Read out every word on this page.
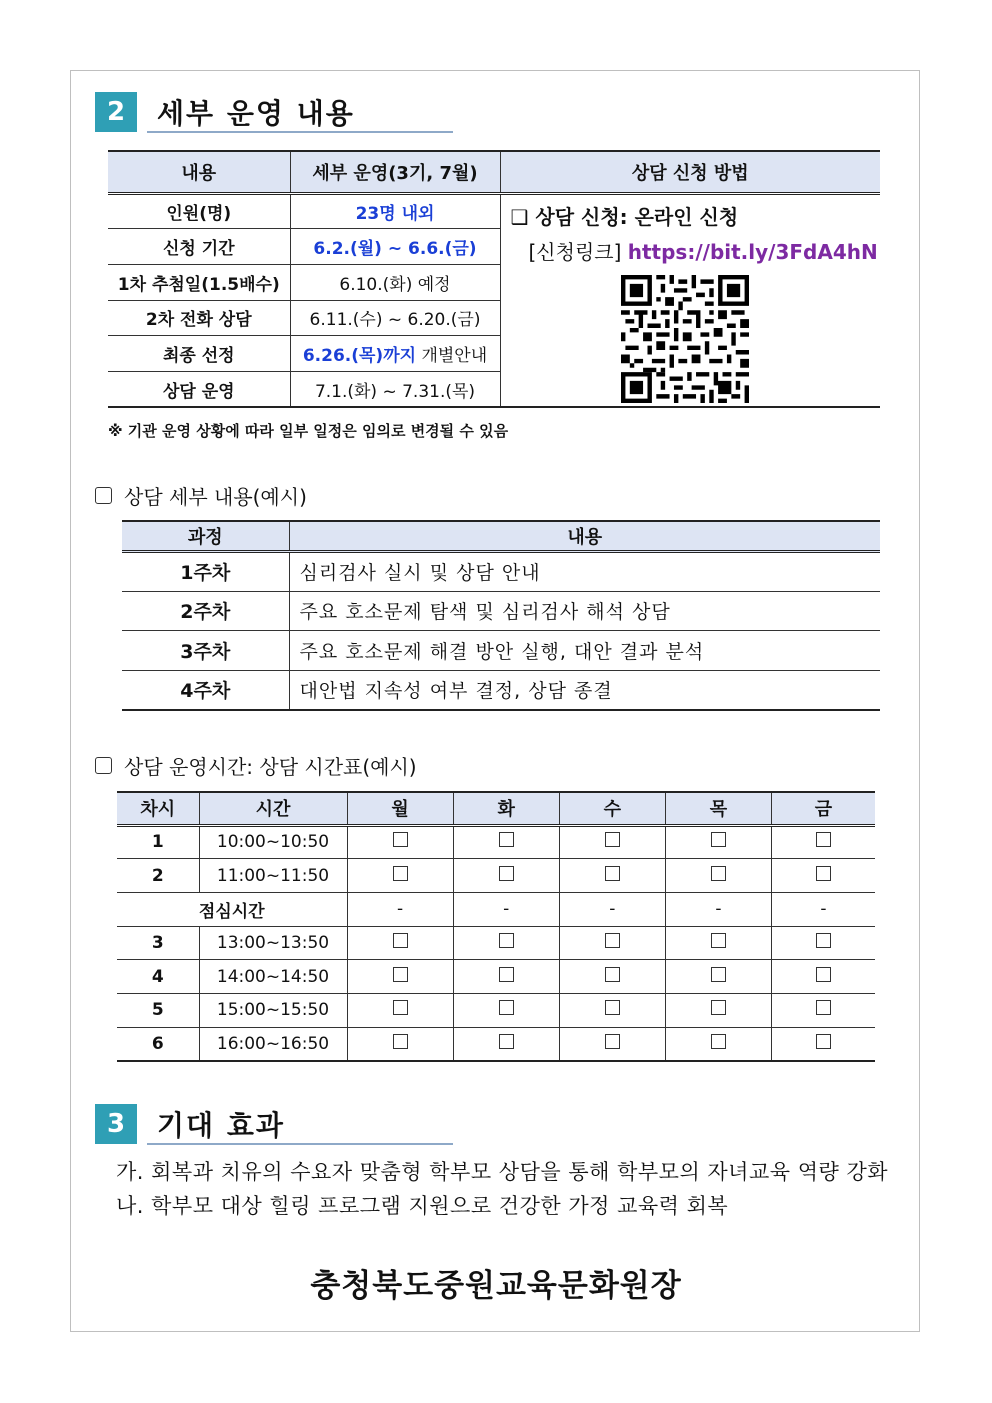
2	세부 운영 내용
내용	세부 운영(3기, 7월)	상담 신청 방법
인원(명)	23명 내외	❑ 상담 신청: 온라인 신청
[신청링크] https://bit.ly/3FdA4hN

신청 기간	6.2.(월) ~ 6.6.(금)	
1차 추첨일(1.5배수)	6.10.(화) 예정	
2차 전화 상담	6.11.(수) ~ 6.20.(금)	
최종 선정	6.26.(목)까지 개별안내	
상담 운영	7.1.(화) ~ 7.31.(목)	
※ 기관 운영 상황에 따라 일부 일정은 임의로 변경될 수 있음
상담 세부 내용(예시)
과정	내용
1주차	심리검사 실시 및 상담 안내
2주차	주요 호소문제 탐색 및 심리검사 해석 상담
3주차	주요 호소문제 해결 방안 실행, 대안 결과 분석
4주차	대안법 지속성 여부 결정, 상담 종결
상담 운영시간: 상담 시간표(예시)
차시	시간	월	화	수	목	금
1	10:00~10:50					
2	11:00~11:50					
점심시간		-	-	-	-	-
3	13:00~13:50					
4	14:00~14:50					
5	15:00~15:50					
6	16:00~16:50					
3	기대 효과
가. 회복과 치유의 수요자 맞춤형 학부모 상담을 통해 학부모의 자녀교육 역량 강화
나. 학부모 대상 힐링 프로그램 지원으로 건강한 가정 교육력 회복
충청북도중원교육문화원장
